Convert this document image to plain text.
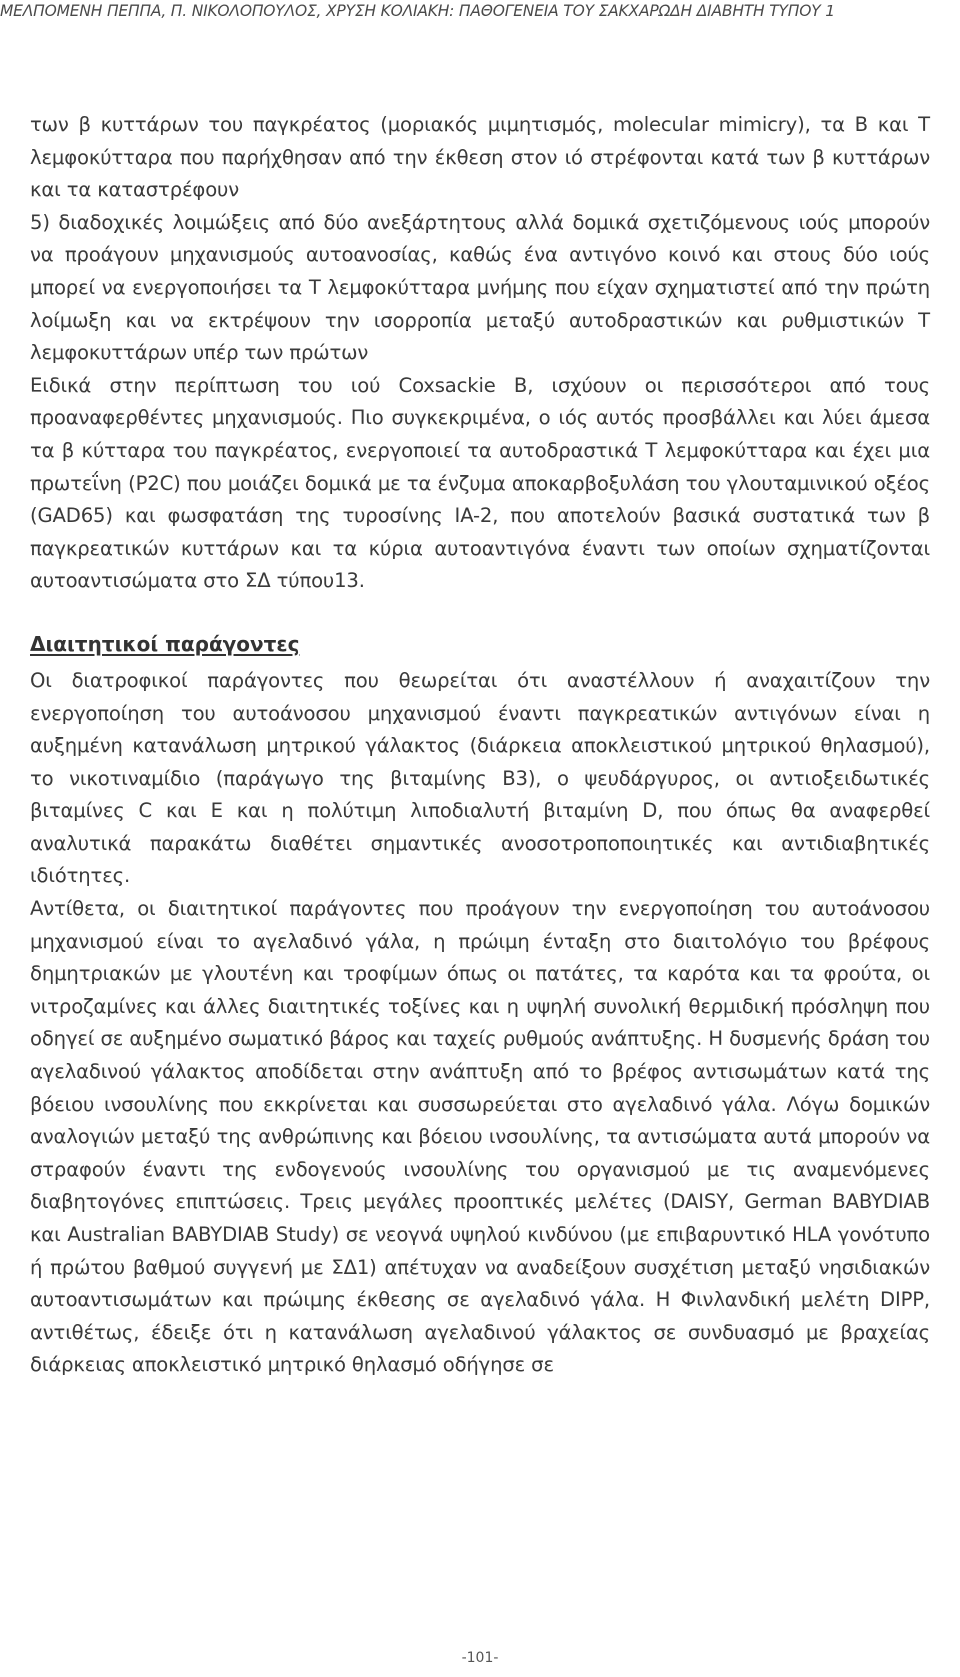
ΜΕΛΠΟΜΕΝΗ ΠΕΠΠΑ, Π. ΝΙΚΟΛΟΠΟΥΛΟΣ, ΧΡΥΣΗ ΚΟΛΙΑΚΗ: ΠΑΘΟΓΕΝΕΙΑ ΤΟΥ ΣΑΚΧΑΡΩΔΗ ΔΙΑΒΗΤΗ ΤΥΠΟΥ 1

των β κυττάρων του παγκρέατος (μοριακός μιμητισμός, molecular mimicry), τα Β και Τ λεμφοκύτταρα που παρήχθησαν από την έκθεση στον ιό στρέφονται κατά των β κυττάρων και τα καταστρέφουν

5) διαδοχικές λοιμώξεις από δύο ανεξάρτητους αλλά δομικά σχετιζόμενους ιούς μπορούν να προάγουν μηχανισμούς αυτοανοσίας, καθώς ένα αντιγόνο κοινό και στους δύο ιούς μπορεί να ενεργοποιήσει τα Τ λεμφοκύτταρα μνήμης που είχαν σχηματιστεί από την πρώτη λοίμωξη και να εκτρέψουν την ισορροπία μεταξύ αυτοδραστικών και ρυθμιστικών Τ λεμφοκυττάρων υπέρ των πρώτων

Ειδικά στην περίπτωση του ιού Coxsackie B, ισχύουν οι περισσότεροι από τους προαναφερθέντες μηχανισμούς. Πιο συγκεκριμένα, ο ιός αυτός προσβάλλει και λύει άμεσα τα β κύτταρα του παγκρέατος, ενεργοποιεί τα αυτοδραστικά Τ λεμφοκύτταρα και έχει μια πρωτεΐνη (P2C) που μοιάζει δομικά με τα ένζυμα αποκαρβοξυλάση του γλουταμινικού οξέος (GAD65) και φωσφατάση της τυροσίνης IA-2, που αποτελούν βασικά συστατικά των β παγκρεατικών κυττάρων και τα κύρια αυτοαντιγόνα έναντι των οποίων σχηματίζονται αυτοαντισώματα στο ΣΔ τύπου13.

Διαιτητικοί παράγοντες

Οι διατροφικοί παράγοντες που θεωρείται ότι αναστέλλουν ή αναχαιτίζουν την ενεργοποίηση του αυτοάνοσου μηχανισμού έναντι παγκρεατικών αντιγόνων είναι η αυξημένη κατανάλωση μητρικού γάλακτος (διάρκεια αποκλειστικού μητρικού θηλασμού), το νικοτιναμίδιο (παράγωγο της βιταμίνης Β3), ο ψευδάργυρος, οι αντιοξειδωτικές βιταμίνες C και E και η πολύτιμη λιποδιαλυτή βιταμίνη D, που όπως θα αναφερθεί αναλυτικά παρακάτω διαθέτει σημαντικές ανοσοτροποποιητικές και αντιδιαβητικές ιδιότητες.

Αντίθετα, οι διαιτητικοί παράγοντες που προάγουν την ενεργοποίηση του αυτοάνοσου μηχανισμού είναι το αγελαδινό γάλα, η πρώιμη ένταξη στο διαιτολόγιο του βρέφους δημητριακών με γλουτένη και τροφίμων όπως οι πατάτες, τα καρότα και τα φρούτα, οι νιτροζαμίνες και άλλες διαιτητικές τοξίνες και η υψηλή συνολική θερμιδική πρόσληψη που οδηγεί σε αυξημένο σωματικό βάρος και ταχείς ρυθμούς ανάπτυξης. Η δυσμενής δράση του αγελαδινού γάλακτος αποδίδεται στην ανάπτυξη από το βρέφος αντισωμάτων κατά της βόειου ινσουλίνης που εκκρίνεται και συσσωρεύεται στο αγελαδινό γάλα. Λόγω δομικών αναλογιών μεταξύ της ανθρώπινης και βόειου ινσουλίνης, τα αντισώματα αυτά μπορούν να στραφούν έναντι της ενδογενούς ινσουλίνης του οργανισμού με τις αναμενόμενες διαβητογόνες επιπτώσεις. Τρεις μεγάλες προοπτικές μελέτες (DAISY, German BABYDIAB και Australian BABYDIAB Study) σε νεογνά υψηλού κινδύνου (με επιβαρυντικό HLA γονότυπο ή πρώτου βαθμού συγγενή με ΣΔ1) απέτυχαν να αναδείξουν συσχέτιση μεταξύ νησιδιακών αυτοαντισωμάτων και πρώιμης έκθεσης σε αγελαδινό γάλα. Η Φινλανδική μελέτη DIPP, αντιθέτως, έδειξε ότι η κατανάλωση αγελαδινού γάλακτος σε συνδυασμό με βραχείας διάρκειας αποκλειστικό μητρικό θηλασμό οδήγησε σε

-101-
